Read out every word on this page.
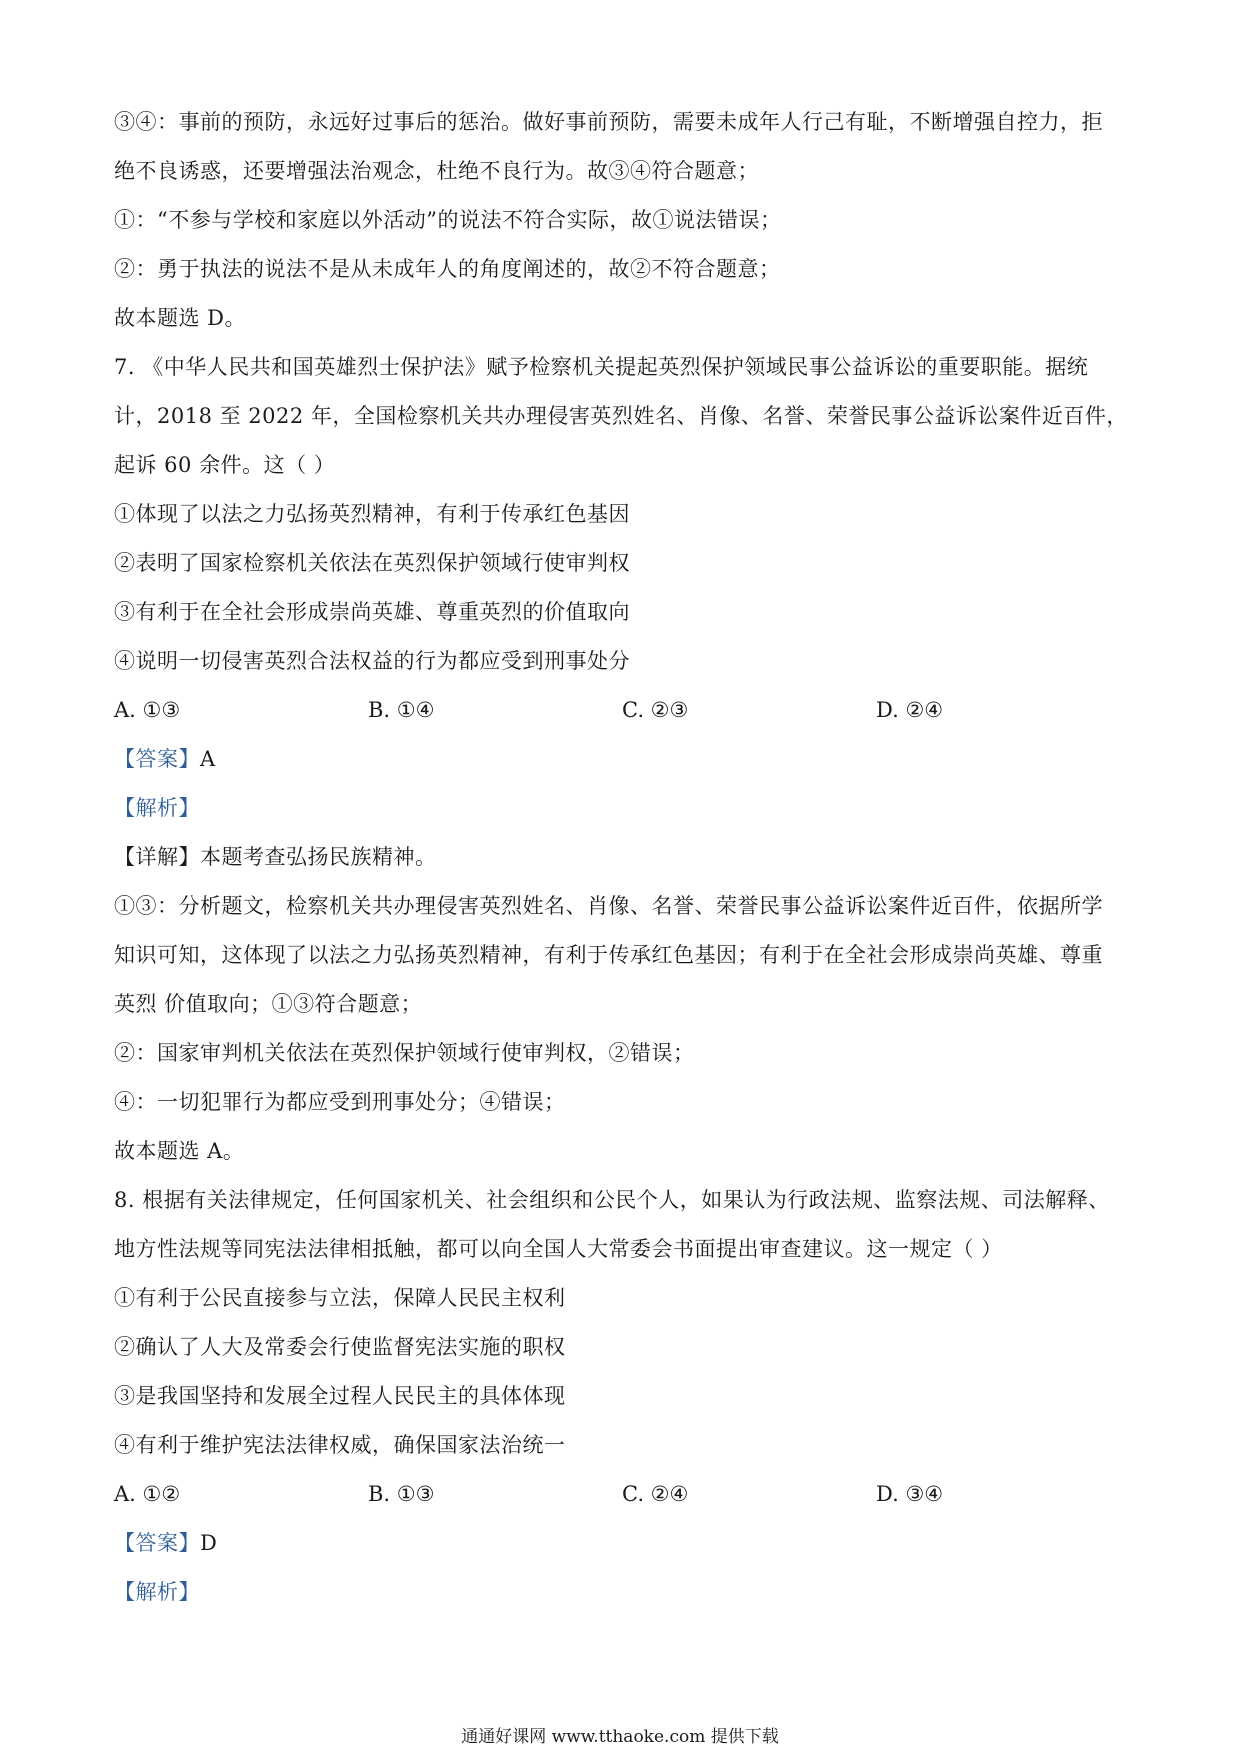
③④：事前的预防，永远好过事后的惩治。做好事前预防，需要未成年人行己有耻，不断增强自控力，拒
绝不良诱惑，还要增强法治观念，杜绝不良行为。故③④符合题意；
①：“不参与学校和家庭以外活动”的说法不符合实际，故①说法错误；
②：勇于执法的说法不是从未成年人的角度阐述的，故②不符合题意；
故本题选 D。
7. 《中华人民共和国英雄烈士保护法》赋予检察机关提起英烈保护领域民事公益诉讼的重要职能。据统
计，2018 至 2022 年，全国检察机关共办理侵害英烈姓名、肖像、名誉、荣誉民事公益诉讼案件近百件，
起诉 60 余件。这（ ）
①体现了以法之力弘扬英烈精神，有利于传承红色基因
②表明了国家检察机关依法在英烈保护领域行使审判权
③有利于在全社会形成崇尚英雄、尊重英烈的价值取向
④说明一切侵害英烈合法权益的行为都应受到刑事处分
A. ①③	B. ①④	C. ②③	D. ②④
【答案】A
【解析】
【详解】本题考查弘扬民族精神。
①③：分析题文，检察机关共办理侵害英烈姓名、肖像、名誉、荣誉民事公益诉讼案件近百件，依据所学
知识可知，这体现了以法之力弘扬英烈精神，有利于传承红色基因；有利于在全社会形成崇尚英雄、尊重
英烈 价值取向；①③符合题意；
②：国家审判机关依法在英烈保护领域行使审判权，②错误；
④：一切犯罪行为都应受到刑事处分；④错误；
故本题选 A。
8. 根据有关法律规定，任何国家机关、社会组织和公民个人，如果认为行政法规、监察法规、司法解释、
地方性法规等同宪法法律相抵触，都可以向全国人大常委会书面提出审查建议。这一规定（ ）
①有利于公民直接参与立法，保障人民民主权利
②确认了人大及常委会行使监督宪法实施的职权
③是我国坚持和发展全过程人民民主的具体体现
④有利于维护宪法法律权威，确保国家法治统一
A. ①②	B. ①③	C. ②④	D. ③④
【答案】D
【解析】
通通好课网 www.tthaoke.com 提供下载
